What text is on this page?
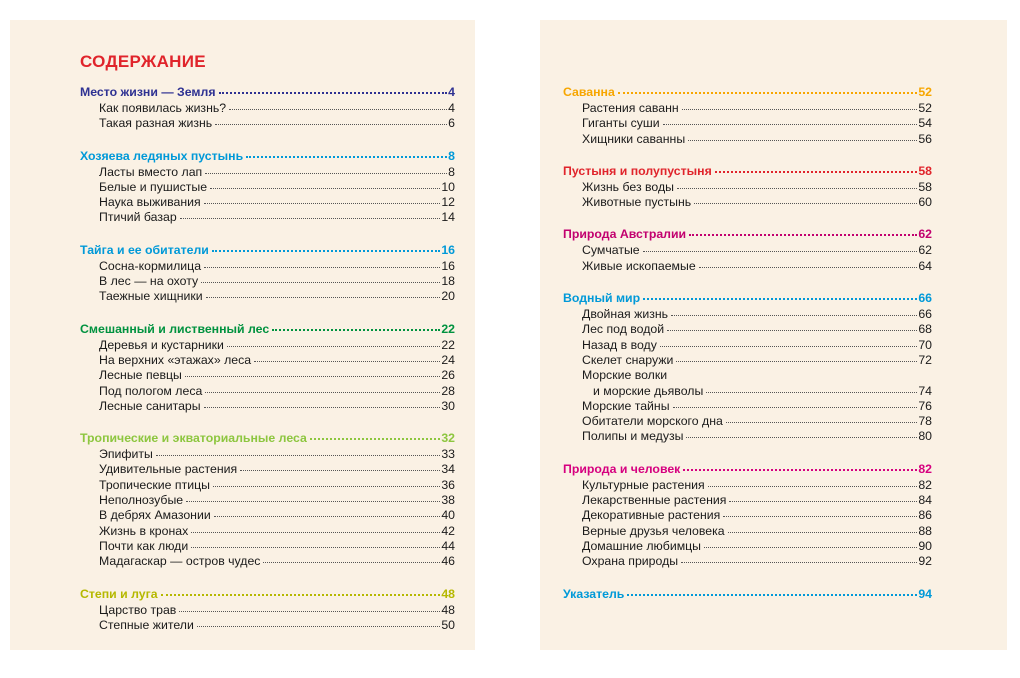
СОДЕРЖАНИЕ
Место жизни — Земля	4
Как появилась жизнь?	4
Такая разная жизнь	6
Хозяева ледяных пустынь	8
Ласты вместо лап	8
Белые и пушистые	10
Наука выживания	12
Птичий базар	14
Тайга и ее обитатели	16
Сосна-кормилица	16
В лес — на охоту	18
Таежные хищники	20
Смешанный и лиственный лес	22
Деревья и кустарники	22
На верхних «этажах» леса	24
Лесные певцы	26
Под пологом леса	28
Лесные санитары	30
Тропические и экваториальные леса	32
Эпифиты	33
Удивительные растения	34
Тропические птицы	36
Неполнозубые	38
В дебрях Амазонии	40
Жизнь в кронах	42
Почти как люди	44
Мадагаскар — остров чудес	46
Степи и луга	48
Царство трав	48
Степные жители	50
Саванна	52
Растения саванн	52
Гиганты суши	54
Хищники саванны	56
Пустыня и полупустыня	58
Жизнь без воды	58
Животные пустынь	60
Природа Австралии	62
Сумчатые	62
Живые ископаемые	64
Водный мир	66
Двойная жизнь	66
Лес под водой	68
Назад в воду	70
Скелет снаружи	72
Морские волки
и морские дьяволы	74
Морские тайны	76
Обитатели морского дна	78
Полипы и медузы	80
Природа и человек	82
Культурные растения	82
Лекарственные растения	84
Декоративные растения	86
Верные друзья человека	88
Домашние любимцы	90
Охрана природы	92
Указатель	94
